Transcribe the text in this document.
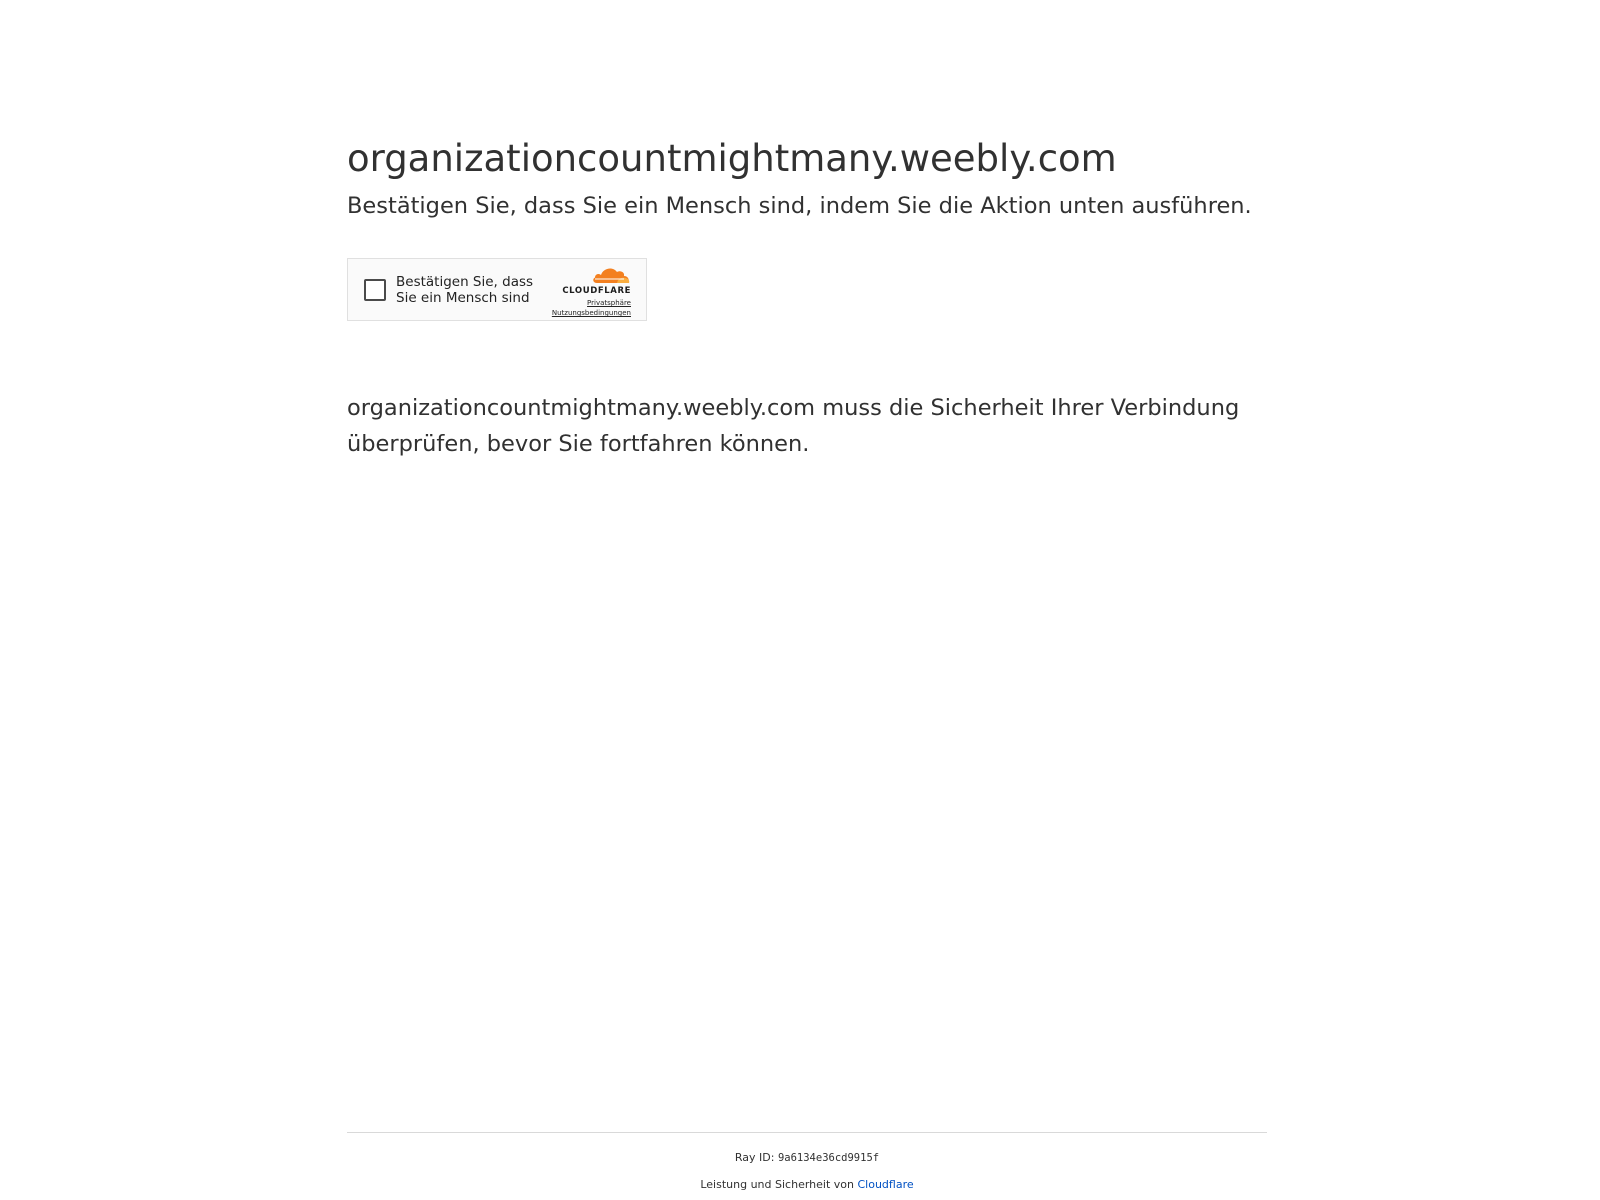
organizationcountmightmany.weebly.com

Bestätigen Sie, dass Sie ein Mensch sind, indem Sie die Aktion unten ausführen.

Bestätigen Sie, dass
Sie ein Mensch sind	CLOUDFLARE
Privatsphäre
Nutzungsbedingungen

organizationcountmightmany.weebly.com muss die Sicherheit Ihrer Verbindung
überprüfen, bevor Sie fortfahren können.

Ray ID: 9a6134e36cd9915f
Leistung und Sicherheit von Cloudflare
